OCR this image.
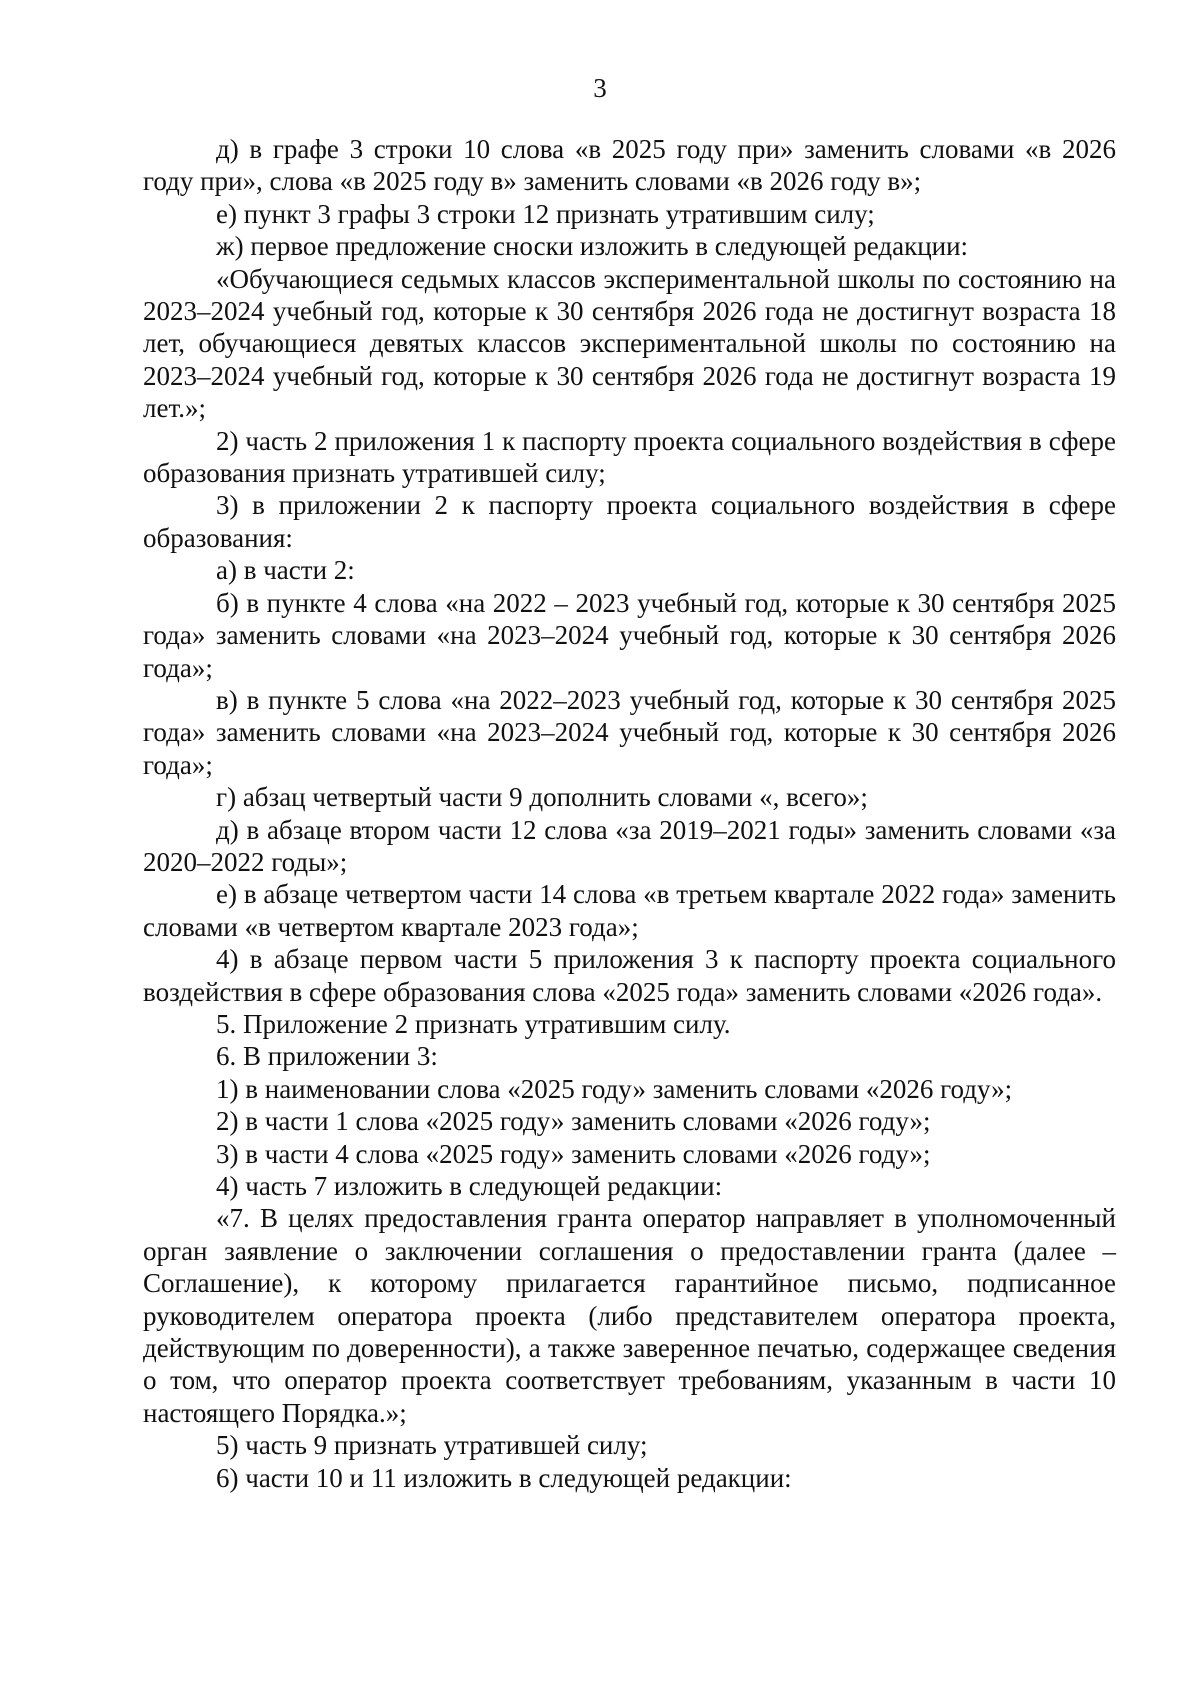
3

д) в графе 3 строки 10 слова «в 2025 году при» заменить словами «в 2026 году при», слова «в 2025 году в» заменить словами «в 2026 году в»;

е) пункт 3 графы 3 строки 12 признать утратившим силу;

ж) первое предложение сноски изложить в следующей редакции:

«Обучающиеся седьмых классов экспериментальной школы по состоянию на 2023–2024 учебный год, которые к 30 сентября 2026 года не достигнут возраста 18 лет, обучающиеся девятых классов экспериментальной школы по состоянию на 2023–2024 учебный год, которые к 30 сентября 2026 года не достигнут возраста 19 лет.»;

2) часть 2 приложения 1 к паспорту проекта социального воздействия в сфере образования признать утратившей силу;

3) в приложении 2 к паспорту проекта социального воздействия в сфере образования:

а) в части 2:

б) в пункте 4 слова «на 2022 – 2023 учебный год, которые к 30 сентября 2025 года» заменить словами «на 2023–2024 учебный год, которые к 30 сентября 2026 года»;

в) в пункте 5 слова «на 2022–2023 учебный год, которые к 30 сентября 2025 года» заменить словами «на 2023–2024 учебный год, которые к 30 сентября 2026 года»;

г) абзац четвертый части 9 дополнить словами «, всего»;

д) в абзаце втором части 12 слова «за 2019–2021 годы» заменить словами «за 2020–2022 годы»;

е) в абзаце четвертом части 14 слова «в третьем квартале 2022 года» заменить словами «в четвертом квартале 2023 года»;

4) в абзаце первом части 5 приложения 3 к паспорту проекта социального воздействия в сфере образования слова «2025 года» заменить словами «2026 года».

5. Приложение 2 признать утратившим силу.

6. В приложении 3:

1) в наименовании слова «2025 году» заменить словами «2026 году»;

2) в части 1 слова «2025 году» заменить словами «2026 году»;

3) в части 4 слова «2025 году» заменить словами «2026 году»;

4) часть 7 изложить в следующей редакции:

«7. В целях предоставления гранта оператор направляет в уполномоченный орган заявление о заключении соглашения о предоставлении гранта (далее – Соглашение), к которому прилагается гарантийное письмо, подписанное руководителем оператора проекта (либо представителем оператора проекта, действующим по доверенности), а также заверенное печатью, содержащее сведения о том, что оператор проекта соответствует требованиям, указанным в части 10 настоящего Порядка.»;

5) часть 9 признать утратившей силу;

6) части 10 и 11 изложить в следующей редакции:
